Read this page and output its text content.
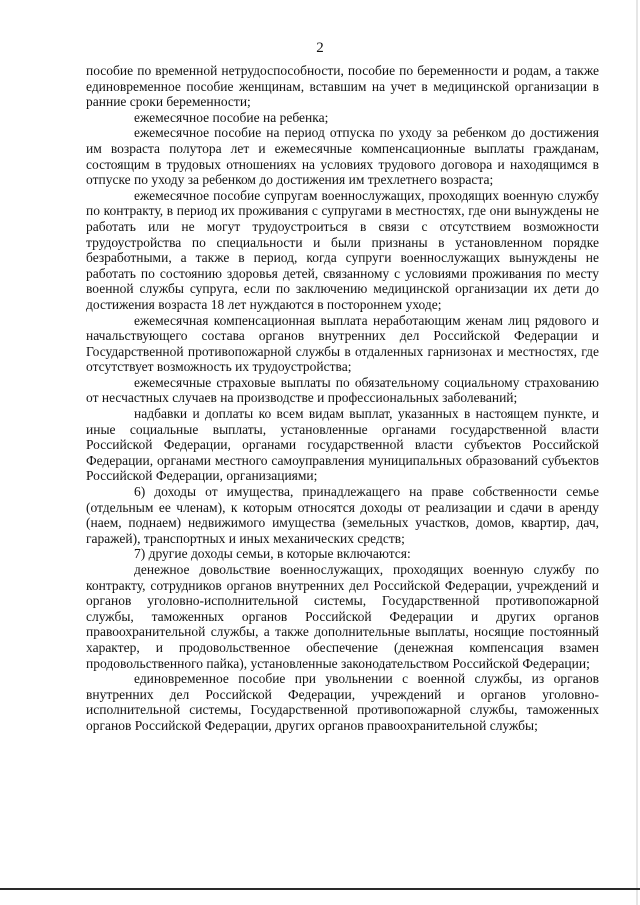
2

пособие по временной нетрудоспособности, пособие по беременности и родам, а также единовременное пособие женщинам, вставшим на учет в медицинской организации в ранние сроки беременности;

ежемесячное пособие на ребенка;

ежемесячное пособие на период отпуска по уходу за ребенком до достижения им возраста полутора лет и ежемесячные компенсационные выплаты гражданам, состоящим в трудовых отношениях на условиях трудового договора и находящимся в отпуске по уходу за ребенком до достижения им трехлетнего возраста;

ежемесячное пособие супругам военнослужащих, проходящих военную службу по контракту, в период их проживания с супругами в местностях, где они вынуждены не работать или не могут трудоустроиться в связи с отсутствием возможности трудоустройства по специальности и были признаны в установленном порядке безработными, а также в период, когда супруги военнослужащих вынуждены не работать по состоянию здоровья детей, связанному с условиями проживания по месту военной службы супруга, если по заключению медицинской организации их дети до достижения возраста 18 лет нуждаются в постороннем уходе;

ежемесячная компенсационная выплата неработающим женам лиц рядового и начальствующего состава органов внутренних дел Российской Федерации и Государственной противопожарной службы в отдаленных гарнизонах и местностях, где отсутствует возможность их трудоустройства;

ежемесячные страховые выплаты по обязательному социальному страхованию от несчастных случаев на производстве и профессиональных заболеваний;

надбавки и доплаты ко всем видам выплат, указанных в настоящем пункте, и иные социальные выплаты, установленные органами государственной власти Российской Федерации, органами государственной власти субъектов Российской Федерации, органами местного самоуправления муниципальных образований субъектов Российской Федерации, организациями;

6) доходы от имущества, принадлежащего на праве собственности семье (отдельным ее членам), к которым относятся доходы от реализации и сдачи в аренду (наем, поднаем) недвижимого имущества (земельных участков, домов, квартир, дач, гаражей), транспортных и иных механических средств;

7) другие доходы семьи, в которые включаются:

денежное довольствие военнослужащих, проходящих военную службу по контракту, сотрудников органов внутренних дел Российской Федерации, учреждений и органов уголовно-исполнительной системы, Государственной противопожарной службы, таможенных органов Российской Федерации и других органов правоохранительной службы, а также дополнительные выплаты, носящие постоянный характер, и продовольственное обеспечение (денежная компенсация взамен продовольственного пайка), установленные законодательством Российской Федерации;

единовременное пособие при увольнении с военной службы, из органов внутренних дел Российской Федерации, учреждений и органов уголовно-исполнительной системы, Государственной противопожарной службы, таможенных органов Российской Федерации, других органов правоохранительной службы;
